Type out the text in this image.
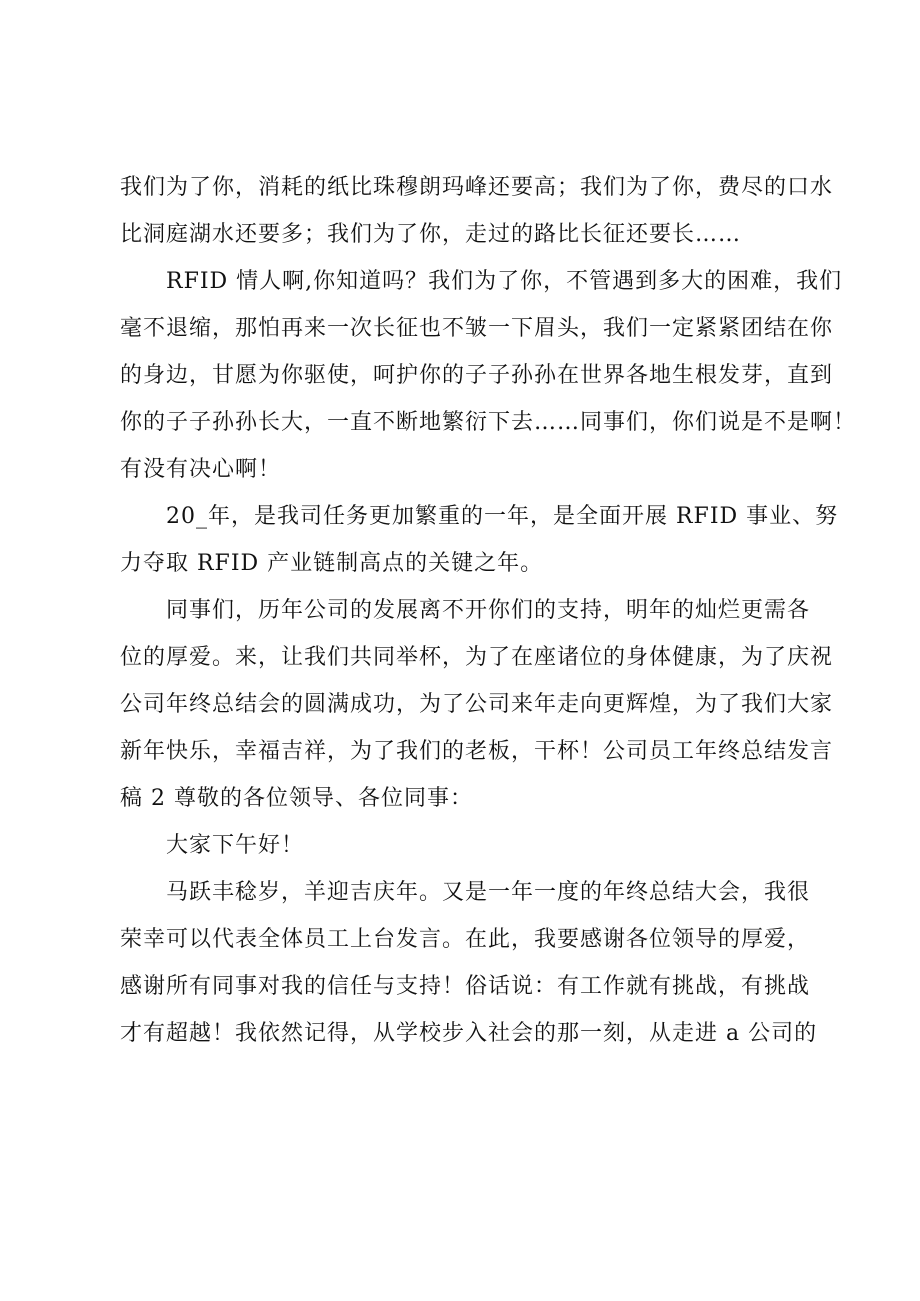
我们为了你，消耗的纸比珠穆朗玛峰还要高；我们为了你，费尽的口水
比洞庭湖水还要多；我们为了你，走过的路比长征还要长……
RFID 情人啊,你知道吗？我们为了你，不管遇到多大的困难，我们
毫不退缩，那怕再来一次长征也不皱一下眉头，我们一定紧紧团结在你
的身边，甘愿为你驱使，呵护你的子子孙孙在世界各地生根发芽，直到
你的子子孙孙长大，一直不断地繁衍下去……同事们，你们说是不是啊！
有没有决心啊！
20_年，是我司任务更加繁重的一年，是全面开展 RFID 事业、努
力夺取 RFID 产业链制高点的关键之年。
同事们，历年公司的发展离不开你们的支持，明年的灿烂更需各
位的厚爱。来，让我们共同举杯，为了在座诸位的身体健康，为了庆祝
公司年终总结会的圆满成功，为了公司来年走向更辉煌，为了我们大家
新年快乐，幸福吉祥，为了我们的老板，干杯！公司员工年终总结发言
稿 2 尊敬的各位领导、各位同事：
大家下午好！
马跃丰稔岁，羊迎吉庆年。又是一年一度的年终总结大会，我很
荣幸可以代表全体员工上台发言。在此，我要感谢各位领导的厚爱，
感谢所有同事对我的信任与支持！俗话说：有工作就有挑战，有挑战
才有超越！我依然记得，从学校步入社会的那一刻，从走进 a 公司的
